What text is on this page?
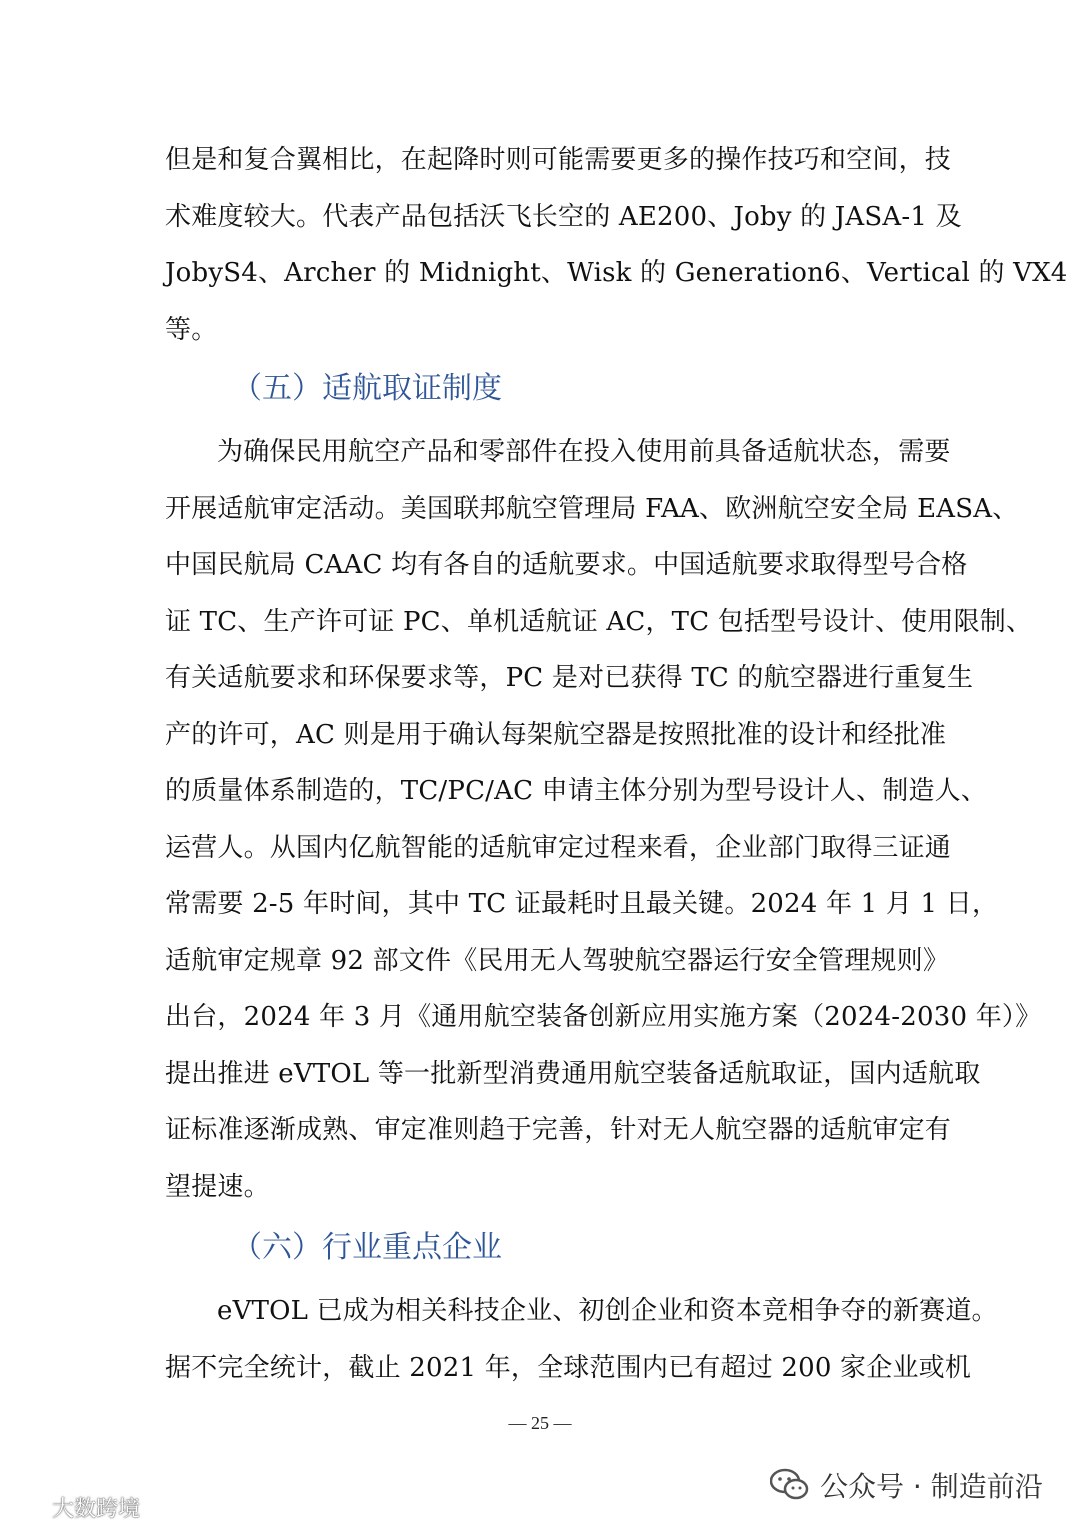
但是和复合翼相比，在起降时则可能需要更多的操作技巧和空间，技
术难度较大。代表产品包括沃飞长空的 AE200、Joby 的 JASA-1 及
JobyS4、Archer 的 Midnight、Wisk 的 Generation6、Vertical 的 VX4
等。
（五）适航取证制度
为确保民用航空产品和零部件在投入使用前具备适航状态，需要
开展适航审定活动。美国联邦航空管理局 FAA、欧洲航空安全局 EASA、
中国民航局 CAAC 均有各自的适航要求。中国适航要求取得型号合格
证 TC、生产许可证 PC、单机适航证 AC，TC 包括型号设计、使用限制、
有关适航要求和环保要求等，PC 是对已获得 TC 的航空器进行重复生
产的许可，AC 则是用于确认每架航空器是按照批准的设计和经批准
的质量体系制造的，TC/PC/AC 申请主体分别为型号设计人、制造人、
运营人。从国内亿航智能的适航审定过程来看，企业部门取得三证通
常需要 2-5 年时间，其中 TC 证最耗时且最关键。2024 年 1 月 1 日，
适航审定规章 92 部文件《民用无人驾驶航空器运行安全管理规则》
出台，2024 年 3 月《通用航空装备创新应用实施方案（2024-2030 年）》
提出推进 eVTOL 等一批新型消费通用航空装备适航取证，国内适航取
证标准逐渐成熟、审定准则趋于完善，针对无人航空器的适航审定有
望提速。
（六）行业重点企业
eVTOL 已成为相关科技企业、初创企业和资本竞相争夺的新赛道。
据不完全统计，截止 2021 年，全球范围内已有超过 200 家企业或机
— 25 —
公众号 · 制造前沿
大数跨境
